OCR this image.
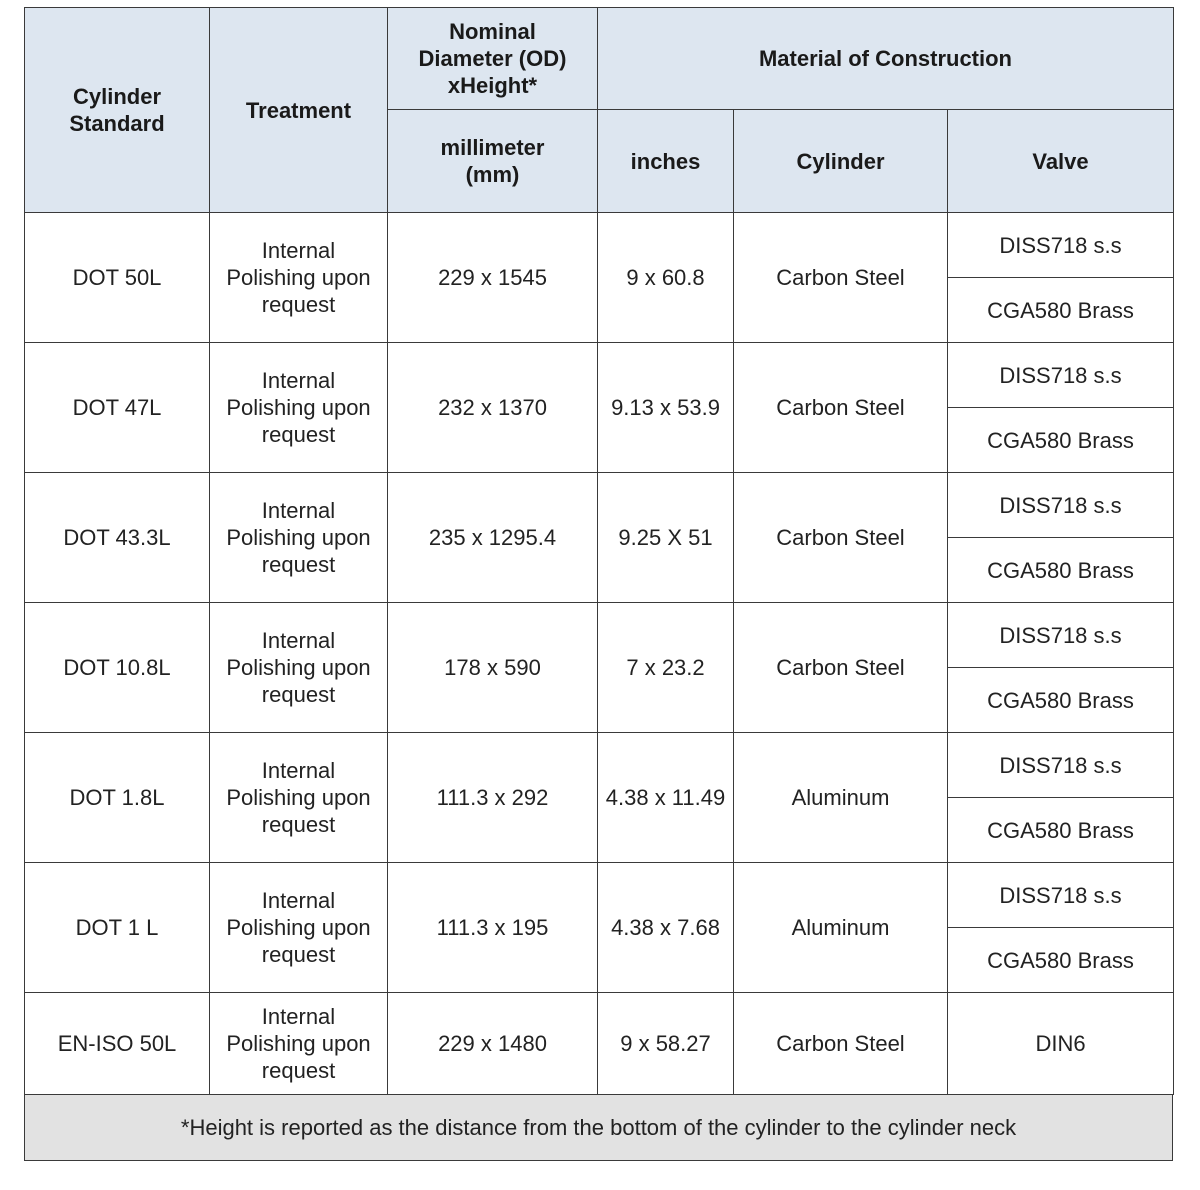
Cylinder Standard	Treatment	Nominal Diameter (OD) xHeight*	Material of Construction		
		millimeter (mm)	inches	Cylinder	Valve
DOT 50L	Internal Polishing upon request	229 x 1545	9 x 60.8	Carbon Steel	DISS718 s.s
					CGA580 Brass
DOT 47L	Internal Polishing upon request	232 x 1370	9.13 x 53.9	Carbon Steel	DISS718 s.s
					CGA580 Brass
DOT 43.3L	Internal Polishing upon request	235 x 1295.4	9.25 X 51	Carbon Steel	DISS718 s.s
					CGA580 Brass
DOT 10.8L	Internal Polishing upon request	178 x 590	7 x 23.2	Carbon Steel	DISS718 s.s
					CGA580 Brass
DOT 1.8L	Internal Polishing upon request	111.3 x 292	4.38 x 11.49	Aluminum	DISS718 s.s
					CGA580 Brass
DOT 1 L	Internal Polishing upon request	111.3 x 195	4.38 x 7.68	Aluminum	DISS718 s.s
					CGA580 Brass
EN-ISO 50L	Internal Polishing upon request	229 x 1480	9 x 58.27	Carbon Steel	DIN6
*Height is reported as the distance from the bottom of the cylinder to the cylinder neck
